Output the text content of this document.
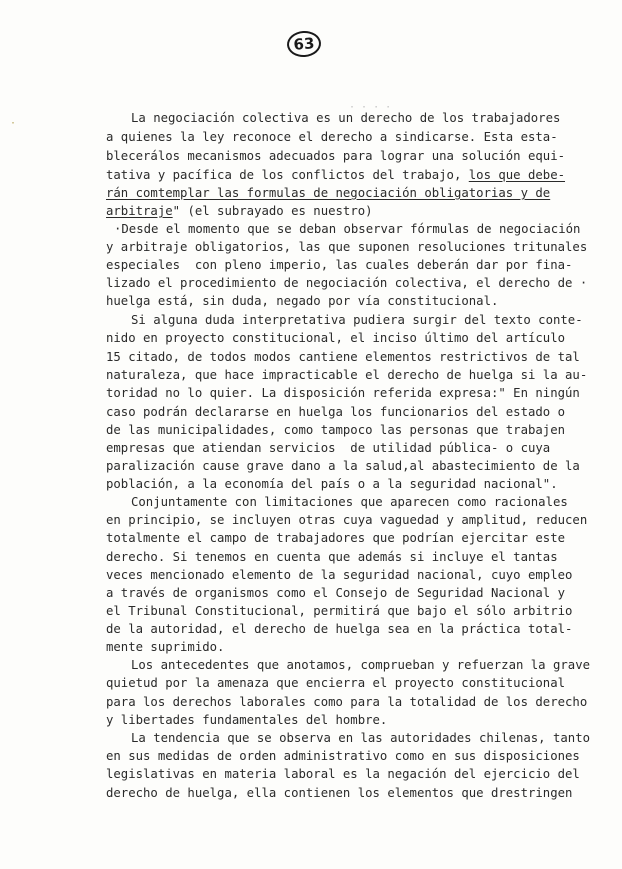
63
·
· · · ·
La negociación colectiva es un derecho de los trabajadores
a quienes la ley reconoce el derecho a sindicarse. Esta esta-
blecerálos mecanismos adecuados para lograr una solución equi-
tativa y pacífica de los conflictos del trabajo, los que debe-
rán comtemplar las formulas de negociación obligatorias y de
arbitraje" (el subrayado es nuestro)
·Desde el momento que se deban observar fórmulas de negociación
y arbitraje obligatorios, las que suponen resoluciones tritunales
especiales  con pleno imperio, las cuales deberán dar por fina-
lizado el procedimiento de negociación colectiva, el derecho de ·
huelga está, sin duda, negado por vía constitucional.
Si alguna duda interpretativa pudiera surgir del texto conte-
nido en proyecto constitucional, el inciso último del artículo
15 citado, de todos modos cantiene elementos restrictivos de tal
naturaleza, que hace impracticable el derecho de huelga si la au-
toridad no lo quier. La disposición referida expresa:" En ningún
caso podrán declararse en huelga los funcionarios del estado o
de las municipalidades, como tampoco las personas que trabajen
empresas que atiendan servicios  de utilidad pública- o cuya
paralización cause grave dano a la salud,al abastecimiento de la
población, a la economía del país o a la seguridad nacional".
Conjuntamente con limitaciones que aparecen como racionales
en principio, se incluyen otras cuya vaguedad y amplitud, reducen
totalmente el campo de trabajadores que podrían ejercitar este
derecho. Si tenemos en cuenta que además si incluye el tantas
veces mencionado elemento de la seguridad nacional, cuyo empleo
a través de organismos como el Consejo de Seguridad Nacional y
el Tribunal Constitucional, permitirá que bajo el sólo arbitrio
de la autoridad, el derecho de huelga sea en la práctica total-
mente suprimido.
Los antecedentes que anotamos, comprueban y refuerzan la grave
quietud por la amenaza que encierra el proyecto constitucional
para los derechos laborales como para la totalidad de los derecho
y libertades fundamentales del hombre.
La tendencia que se observa en las autoridades chilenas, tanto
en sus medidas de orden administrativo como en sus disposiciones
legislativas en materia laboral es la negación del ejercicio del
derecho de huelga, ella contienen los elementos que drestringen
